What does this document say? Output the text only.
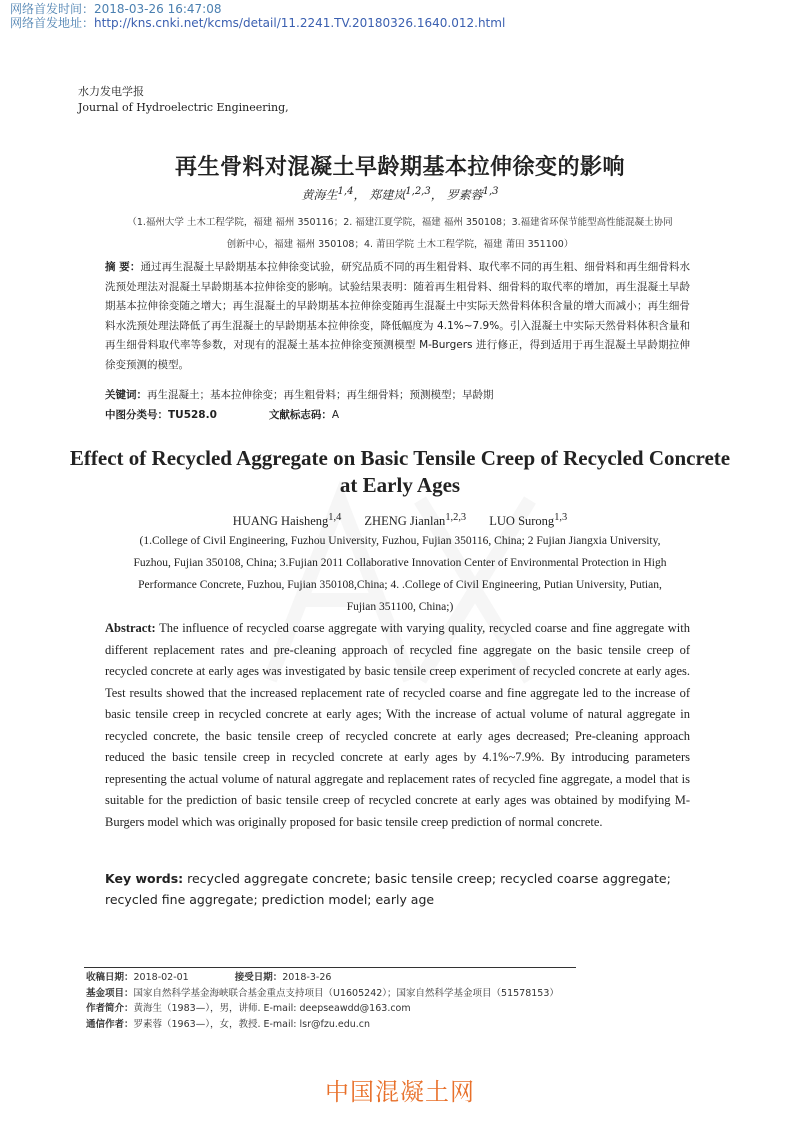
网络首发时间：2018-03-26 16:47:08
网络首发地址：http://kns.cnki.net/kcms/detail/11.2241.TV.20180326.1640.012.html
水力发电学报
Journal of Hydroelectric Engineering,
再生骨料对混凝土早龄期基本拉伸徐变的影响
黄海生$^{1,4}$， 郑建岚$^{1,2,3}$， 罗素蓉$^{1,3}$
（1.福州大学 土木工程学院，福建 福州 350116；2. 福建江夏学院，福建 福州 350108；3.福建省环保节能型高性能混凝土协同
创新中心，福建 福州 350108；4. 莆田学院 土木工程学院，福建 莆田 351100）
摘 要：通过再生混凝土早龄期基本拉伸徐变试验，研究品质不同的再生粗骨料、取代率不同的再生粗、细骨料和再生细骨料水洗预处理法对混凝土早龄期基本拉伸徐变的影响。试验结果表明：随着再生粗骨料、细骨料的取代率的增加，再生混凝土早龄期基本拉伸徐变随之增大；再生混凝土的早龄期基本拉伸徐变随再生混凝土中实际天然骨料体积含量的增大而减小；再生细骨料水洗预处理法降低了再生混凝土的早龄期基本拉伸徐变，降低幅度为 4.1%~7.9%。引入混凝土中实际天然骨料体积含量和再生细骨料取代率等参数，对现有的混凝土基本拉伸徐变预测模型 M-Burgers 进行修正，得到适用于再生混凝土早龄期拉伸徐变预测的模型。
关键词：再生混凝土；基本拉伸徐变；再生粗骨料；再生细骨料；预测模型；早龄期
中图分类号：TU528.0	文献标志码：A
Effect of Recycled Aggregate on Basic Tensile Creep of Recycled Concrete at Early Ages
HUANG Haisheng$^{1,4}$ ZHENG Jianlan$^{1,2,3}$ LUO Surong$^{1,3}$
(1.College of Civil Engineering, Fuzhou University, Fuzhou, Fujian 350116, China; 2 Fujian Jiangxia University,
Fuzhou, Fujian 350108, China; 3.Fujian 2011 Collaborative Innovation Center of Environmental Protection in High
Performance Concrete, Fuzhou, Fujian 350108,China; 4. .College of Civil Engineering, Putian University, Putian,
Fujian 351100, China;)
Abstract: The influence of recycled coarse aggregate with varying quality, recycled coarse and fine aggregate with different replacement rates and pre-cleaning approach of recycled fine aggregate on the basic tensile creep of recycled concrete at early ages was investigated by basic tensile creep experiment of recycled concrete at early ages. Test results showed that the increased replacement rate of recycled coarse and fine aggregate led to the increase of basic tensile creep in recycled concrete at early ages; With the increase of actual volume of natural aggregate in recycled concrete, the basic tensile creep of recycled concrete at early ages decreased; Pre-cleaning approach reduced the basic tensile creep in recycled concrete at early ages by 4.1%~7.9%. By introducing parameters representing the actual volume of natural aggregate and replacement rates of recycled fine aggregate, a model that is suitable for the prediction of basic tensile creep of recycled concrete at early ages was obtained by modifying M-Burgers model which was originally proposed for basic tensile creep prediction of normal concrete.
Key words: recycled aggregate concrete; basic tensile creep; recycled coarse aggregate; recycled fine aggregate; prediction model; early age
收稿日期：2018-02-01	接受日期：2018-3-26
基金项目：国家自然科学基金海峡联合基金重点支持项目（U1605242）；国家自然科学基金项目（51578153）
作者简介：黄海生（1983—），男，讲师. E-mail: deepseawdd@163.com
通信作者：罗素蓉（1963—），女，教授. E-mail: lsr@fzu.edu.cn
中国混凝土网
